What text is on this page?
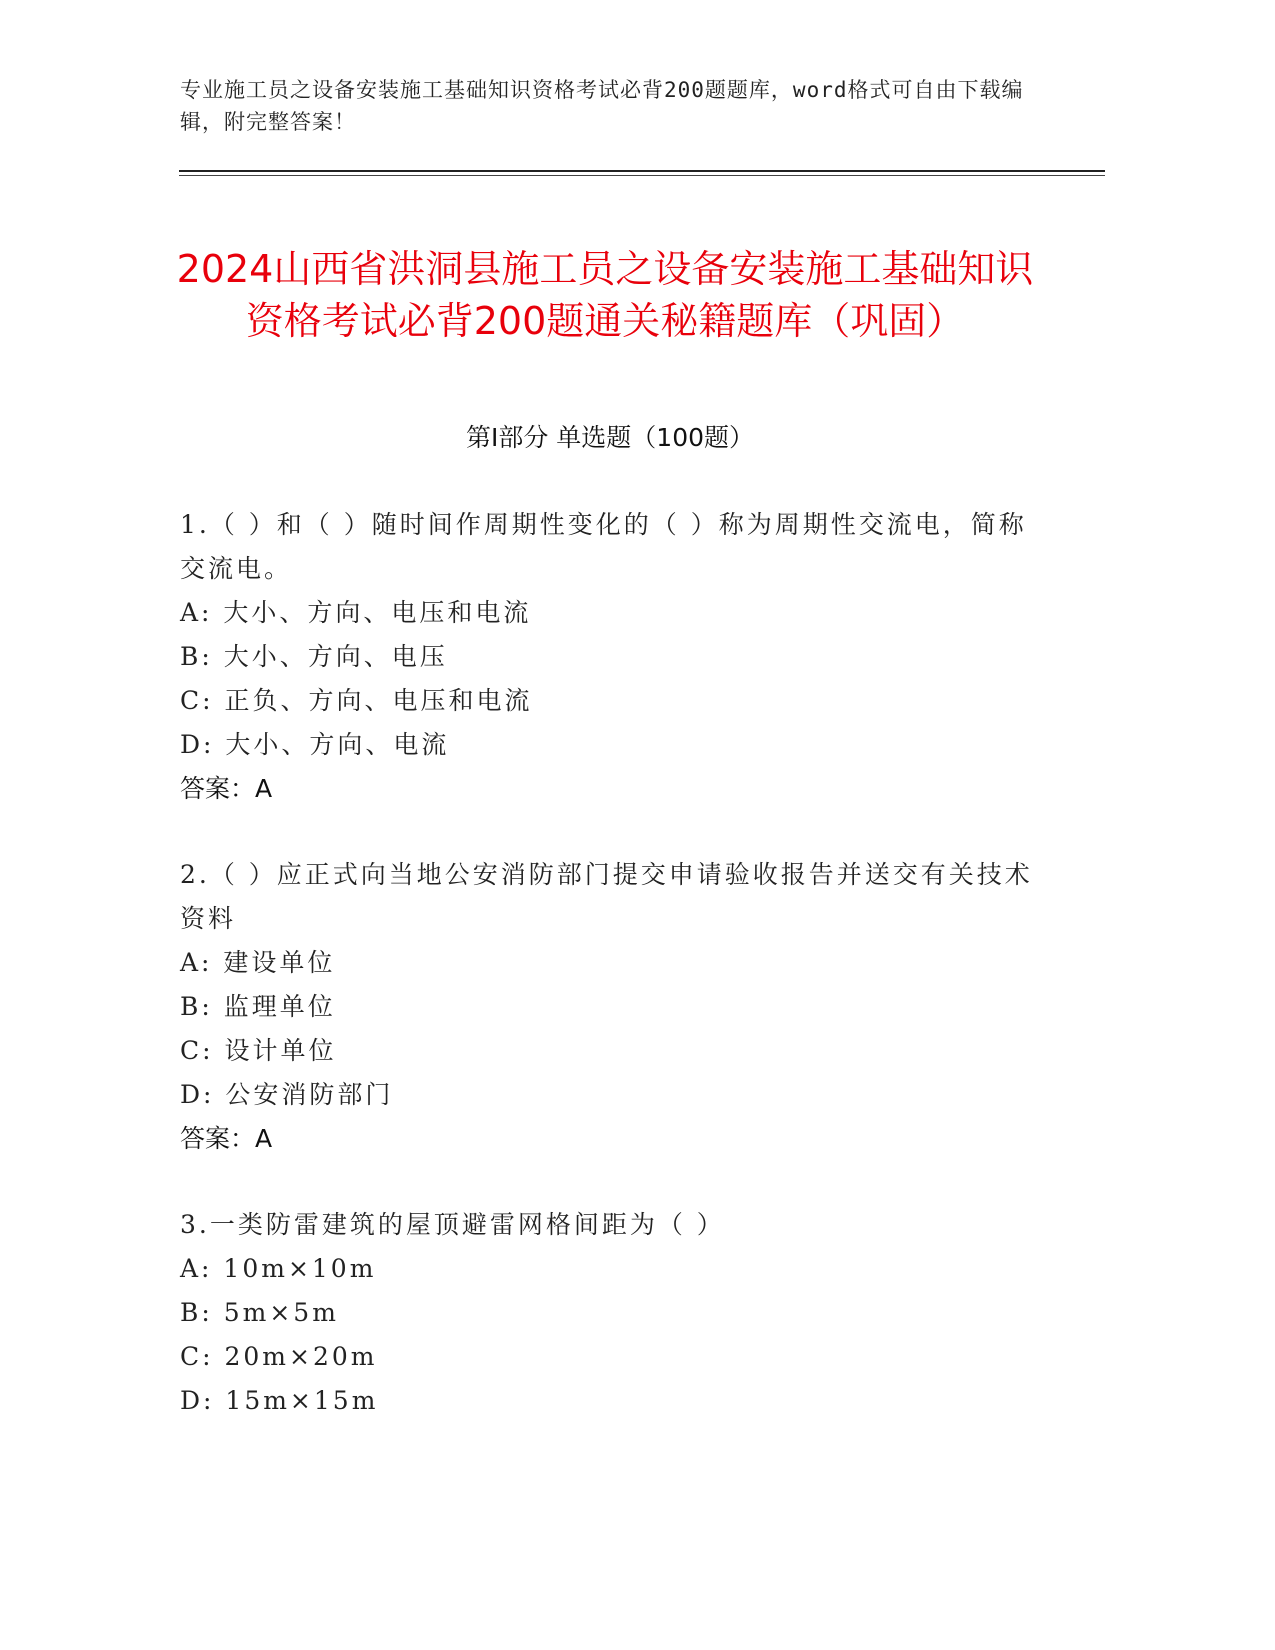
专业施工员之设备安装施工基础知识资格考试必背200题题库，word格式可自由下载编辑，附完整答案！
2024山西省洪洞县施工员之设备安装施工基础知识资格考试必背200题通关秘籍题库（巩固）
第I部分 单选题（100题）
1.（ ）和（ ）随时间作周期性变化的（ ）称为周期性交流电，简称交流电。
A: 大小、方向、电压和电流
B: 大小、方向、电压
C: 正负、方向、电压和电流
D: 大小、方向、电流
答案：A
2.（ ）应正式向当地公安消防部门提交申请验收报告并送交有关技术资料
A: 建设单位
B: 监理单位
C: 设计单位
D: 公安消防部门
答案：A
3.一类防雷建筑的屋顶避雷网格间距为（ ）
A: 10m×10m
B: 5m×5m
C: 20m×20m
D: 15m×15m
